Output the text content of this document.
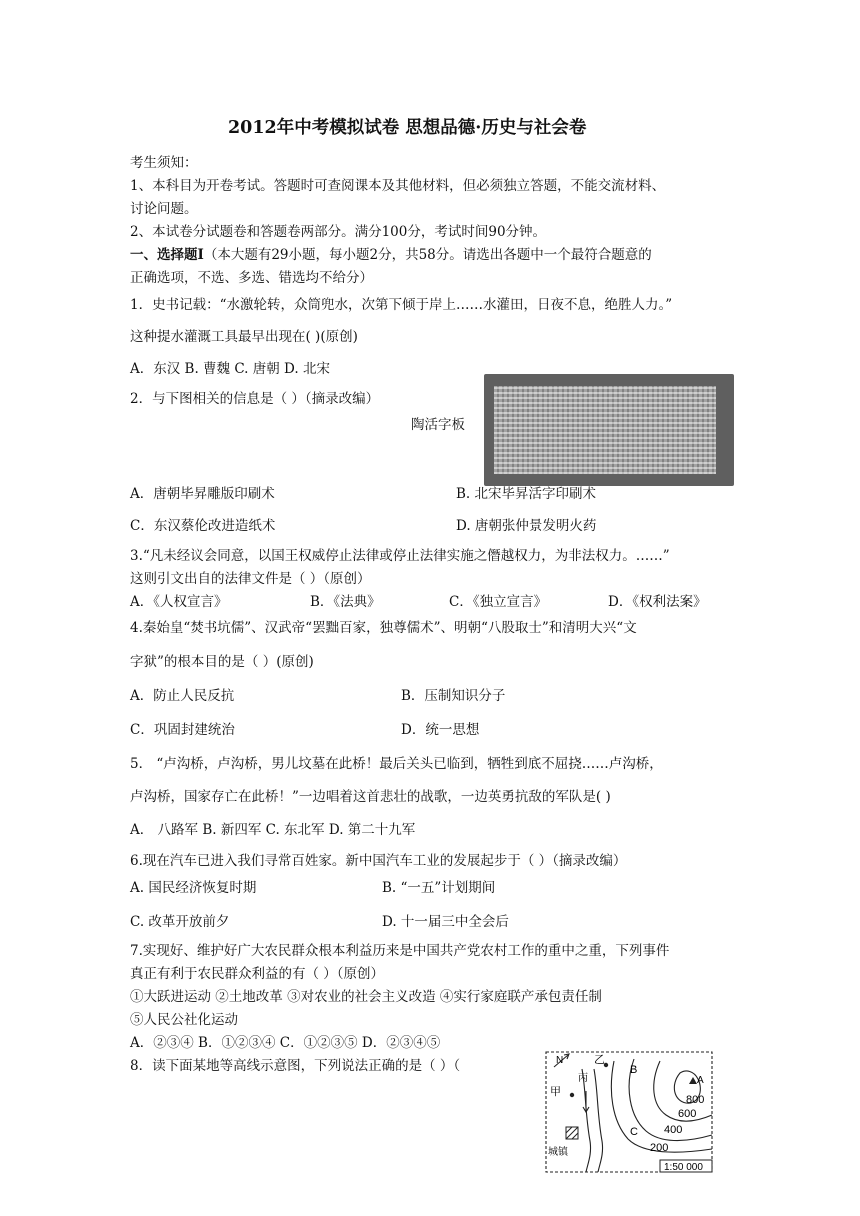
2012年中考模拟试卷 思想品德·历史与社会卷
考生须知：
1、本科目为开卷考试。答题时可查阅课本及其他材料，但必须独立答题，不能交流材料、
讨论问题。
2、本试卷分试题卷和答题卷两部分。满分100分，考试时间90分钟。
一、选择题Ⅰ（本大题有29小题，每小题2分，共58分。请选出各题中一个最符合题意的
正确选项，不选、多选、错选均不给分）
1．史书记载：“水激轮转，众筒兜水，次第下倾于岸上……水灌田，日夜不息，绝胜人力。”
这种提水灌溉工具最早出现在( )(原创)
A．东汉 B. 曹魏 C. 唐朝 D. 北宋
2．与下图相关的信息是（ ）（摘录改编）
陶活字板
A．唐朝毕昇雕版印刷术	B. 北宋毕昇活字印刷术
C．东汉蔡伦改进造纸术	D. 唐朝张仲景发明火药
3.“凡未经议会同意，以国王权威停止法律或停止法律实施之僭越权力，为非法权力。……”
这则引文出自的法律文件是（ ）（原创）
A．《人权宣言》	B．《法典》	C．《独立宣言》	D．《权利法案》
4.秦始皇“焚书坑儒”、汉武帝“罢黜百家，独尊儒术”、明朝“八股取士”和清明大兴“文
字狱”的根本目的是（ ）(原创)
A．防止人民反抗	B．压制知识分子
C．巩固封建统治	D．统一思想
5． “卢沟桥，卢沟桥，男儿坟墓在此桥！最后关头已临到，牺牲到底不屈挠……卢沟桥，
卢沟桥，国家存亡在此桥！”一边唱着这首悲壮的战歌，一边英勇抗敌的军队是( )
A． 八路军 B. 新四军 C. 东北军 D. 第二十九军
6.现在汽车已进入我们寻常百姓家。新中国汽车工业的发展起步于（ ）（摘录改编）
A. 国民经济恢复时期	B. “一五”计划期间
C. 改革开放前夕	D. 十一届三中全会后
7.实现好、维护好广大农民群众根本利益历来是中国共产党农村工作的重中之重，下列事件
真正有利于农民群众利益的有（ ）（原创）
①大跃进运动 ②土地改革 ③对农业的社会主义改造 ④实行家庭联产承包责任制
⑤人民公社化运动
A．②③④ B．①②③④ C．①②③⑤ D．②③④⑤
8．读下面某地等高线示意图，下列说法正确的是（ ）（	N	乙
B
A
甲
丙
C
城镇
800
600
400
200
1:50 000
